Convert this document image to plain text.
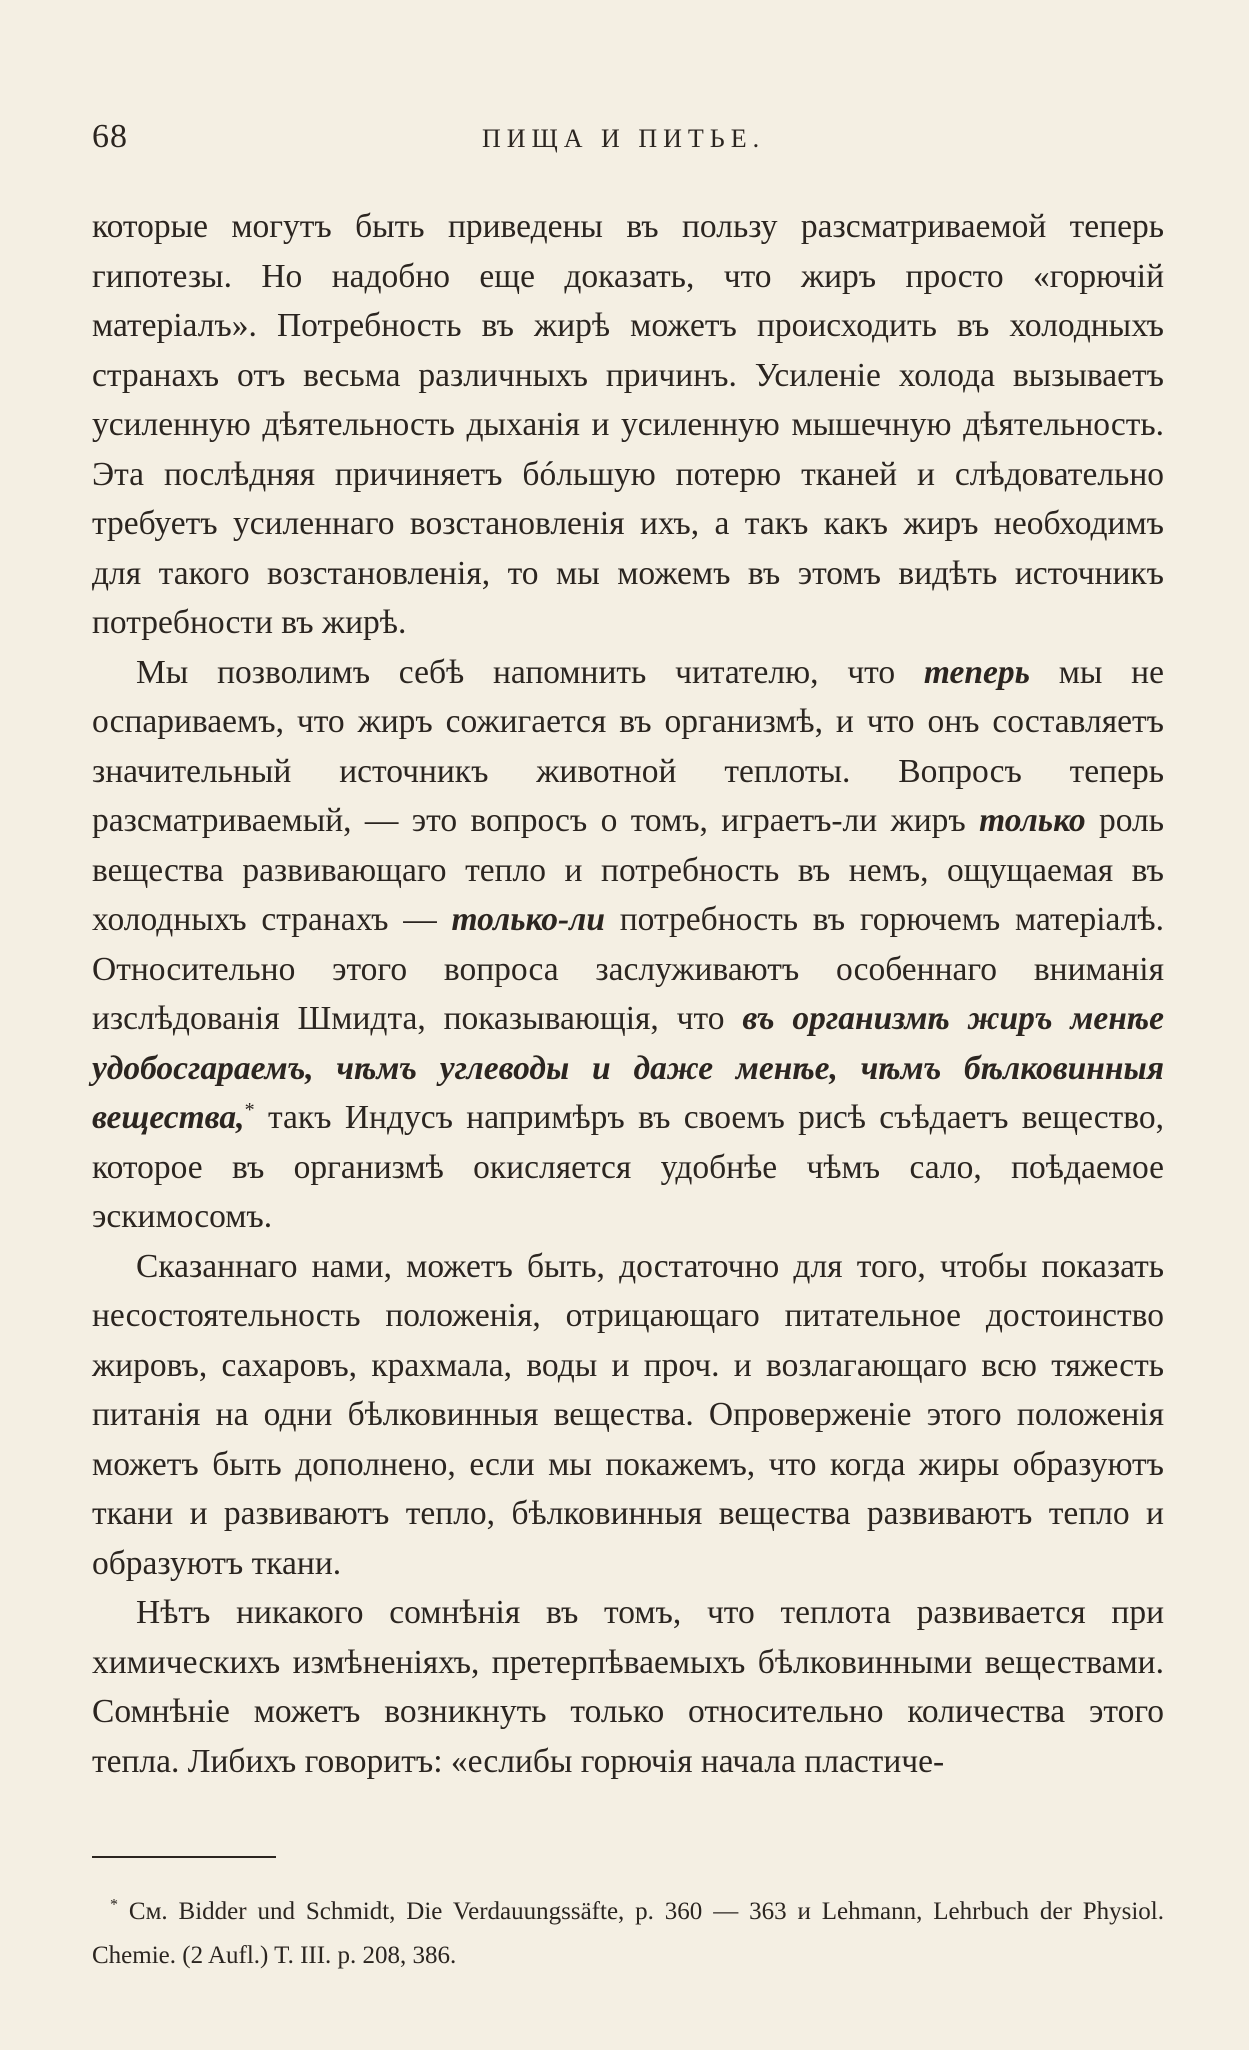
68	ПИЩА И ПИТЬЕ.

которые могутъ быть приведены въ пользу разсматриваемой теперь гипотезы. Но надобно еще доказать, что жиръ просто «горючій матеріалъ». Потребность въ жирѣ можетъ происходить въ холодныхъ странахъ отъ весьма различныхъ причинъ. Усиленіе холода вызываетъ усиленную дѣятельность дыханія и усиленную мышечную дѣятельность. Эта послѣдняя причиняетъ бóльшую потерю тканей и слѣдовательно требуетъ усиленнаго возстановленія ихъ, а такъ какъ жиръ необходимъ для такого возстановленія, то мы можемъ въ этомъ видѣть источникъ потребности въ жирѣ.

Мы позволимъ себѣ напомнить читателю, что теперь мы не оспариваемъ, что жиръ сожигается въ организмѣ, и что онъ составляетъ значительный источникъ животной теплоты. Вопросъ теперь разсматриваемый, — это вопросъ о томъ, играетъ-ли жиръ только роль вещества развивающаго тепло и потребность въ немъ, ощущаемая въ холодныхъ странахъ — только-ли потребность въ горючемъ матеріалѣ. Относительно этого вопроса заслуживаютъ особеннаго вниманія изслѣдованія Шмидта, показывающія, что въ организмѣ жиръ менѣе удобосгараемъ, чѣмъ углеводы и даже менѣе, чѣмъ бѣлковинныя вещества,* такъ Индусъ напримѣръ въ своемъ рисѣ съѣдаетъ вещество, которое въ организмѣ окисляется удобнѣе чѣмъ сало, поѣдаемое эскимосомъ.

Сказаннаго нами, можетъ быть, достаточно для того, чтобы показать несостоятельность положенія, отрицающаго питательное достоинство жировъ, сахаровъ, крахмала, воды и проч. и возлагающаго всю тяжесть питанія на одни бѣлковинныя вещества. Опроверженіе этого положенія можетъ быть дополнено, если мы покажемъ, что когда жиры образуютъ ткани и развиваютъ тепло, бѣлковинныя вещества развиваютъ тепло и образуютъ ткани.

Нѣтъ никакого сомнѣнія въ томъ, что теплота развивается при химическихъ измѣненіяхъ, претерпѣваемыхъ бѣлковинными веществами. Сомнѣніе можетъ возникнуть только относительно количества этого тепла. Либихъ говоритъ: «еслибы горючія начала пластиче-

* См. Bidder und Schmidt, Die Verdauungssäfte, p. 360 — 363 и Lehmann, Lehrbuch der Physiol. Chemie. (2 Aufl.) T. III. p. 208, 386.
